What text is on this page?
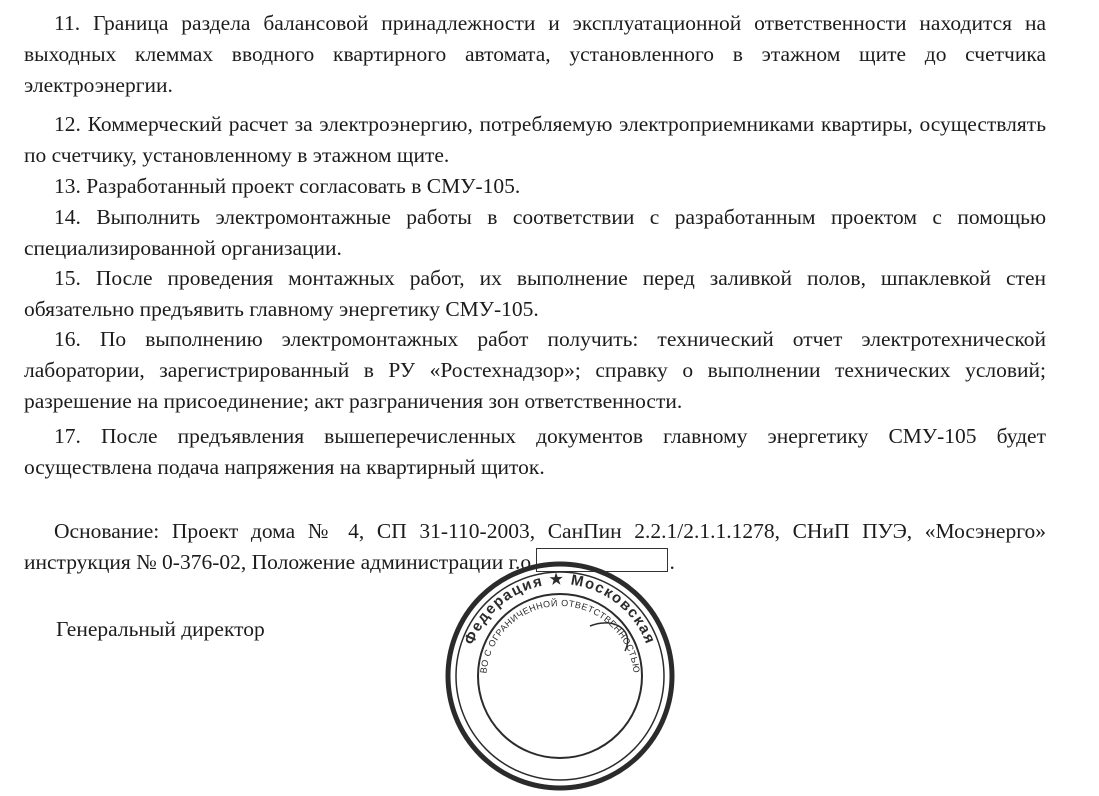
11. Граница раздела балансовой принадлежности и эксплуатационной ответственности находится на выходных клеммах вводного квартирного автомата, установленного в этажном щите до счетчика электроэнергии.

12. Коммерческий расчет за электроэнергию, потребляемую электроприемниками квартиры, осуществлять по счетчику, установленному в этажном щите.

13. Разработанный проект согласовать в СМУ-105.

14. Выполнить электромонтажные работы в соответствии с разработанным проектом с помощью специализированной организации.

15. После проведения монтажных работ, их выполнение перед заливкой полов, шпаклевкой стен обязательно предъявить главному энергетику СМУ-105.

16. По выполнению электромонтажных работ получить: технический отчет электротехнической лаборатории, зарегистрированный в РУ «Ростехнадзор»; справку о выполнении технических условий; разрешение на присоединение; акт разграничения зон ответственности.

17. После предъявления вышеперечисленных документов главному энергетику СМУ-105 будет осуществлена подача напряжения на квартирный щиток.

Основание: Проект дома № 4, СП 31-110-2003, СанПин 2.2.1/2.1.1.1278, СНиП ПУЭ, «Мосэнерго» инструкция № 0-376-02, Положение администрации г.о.	.

Генеральный директор	Федерация ★ Московская
ВО С ОГРАНИЧЕННОЙ ОТВЕТСТВЕННОСТЬЮ
